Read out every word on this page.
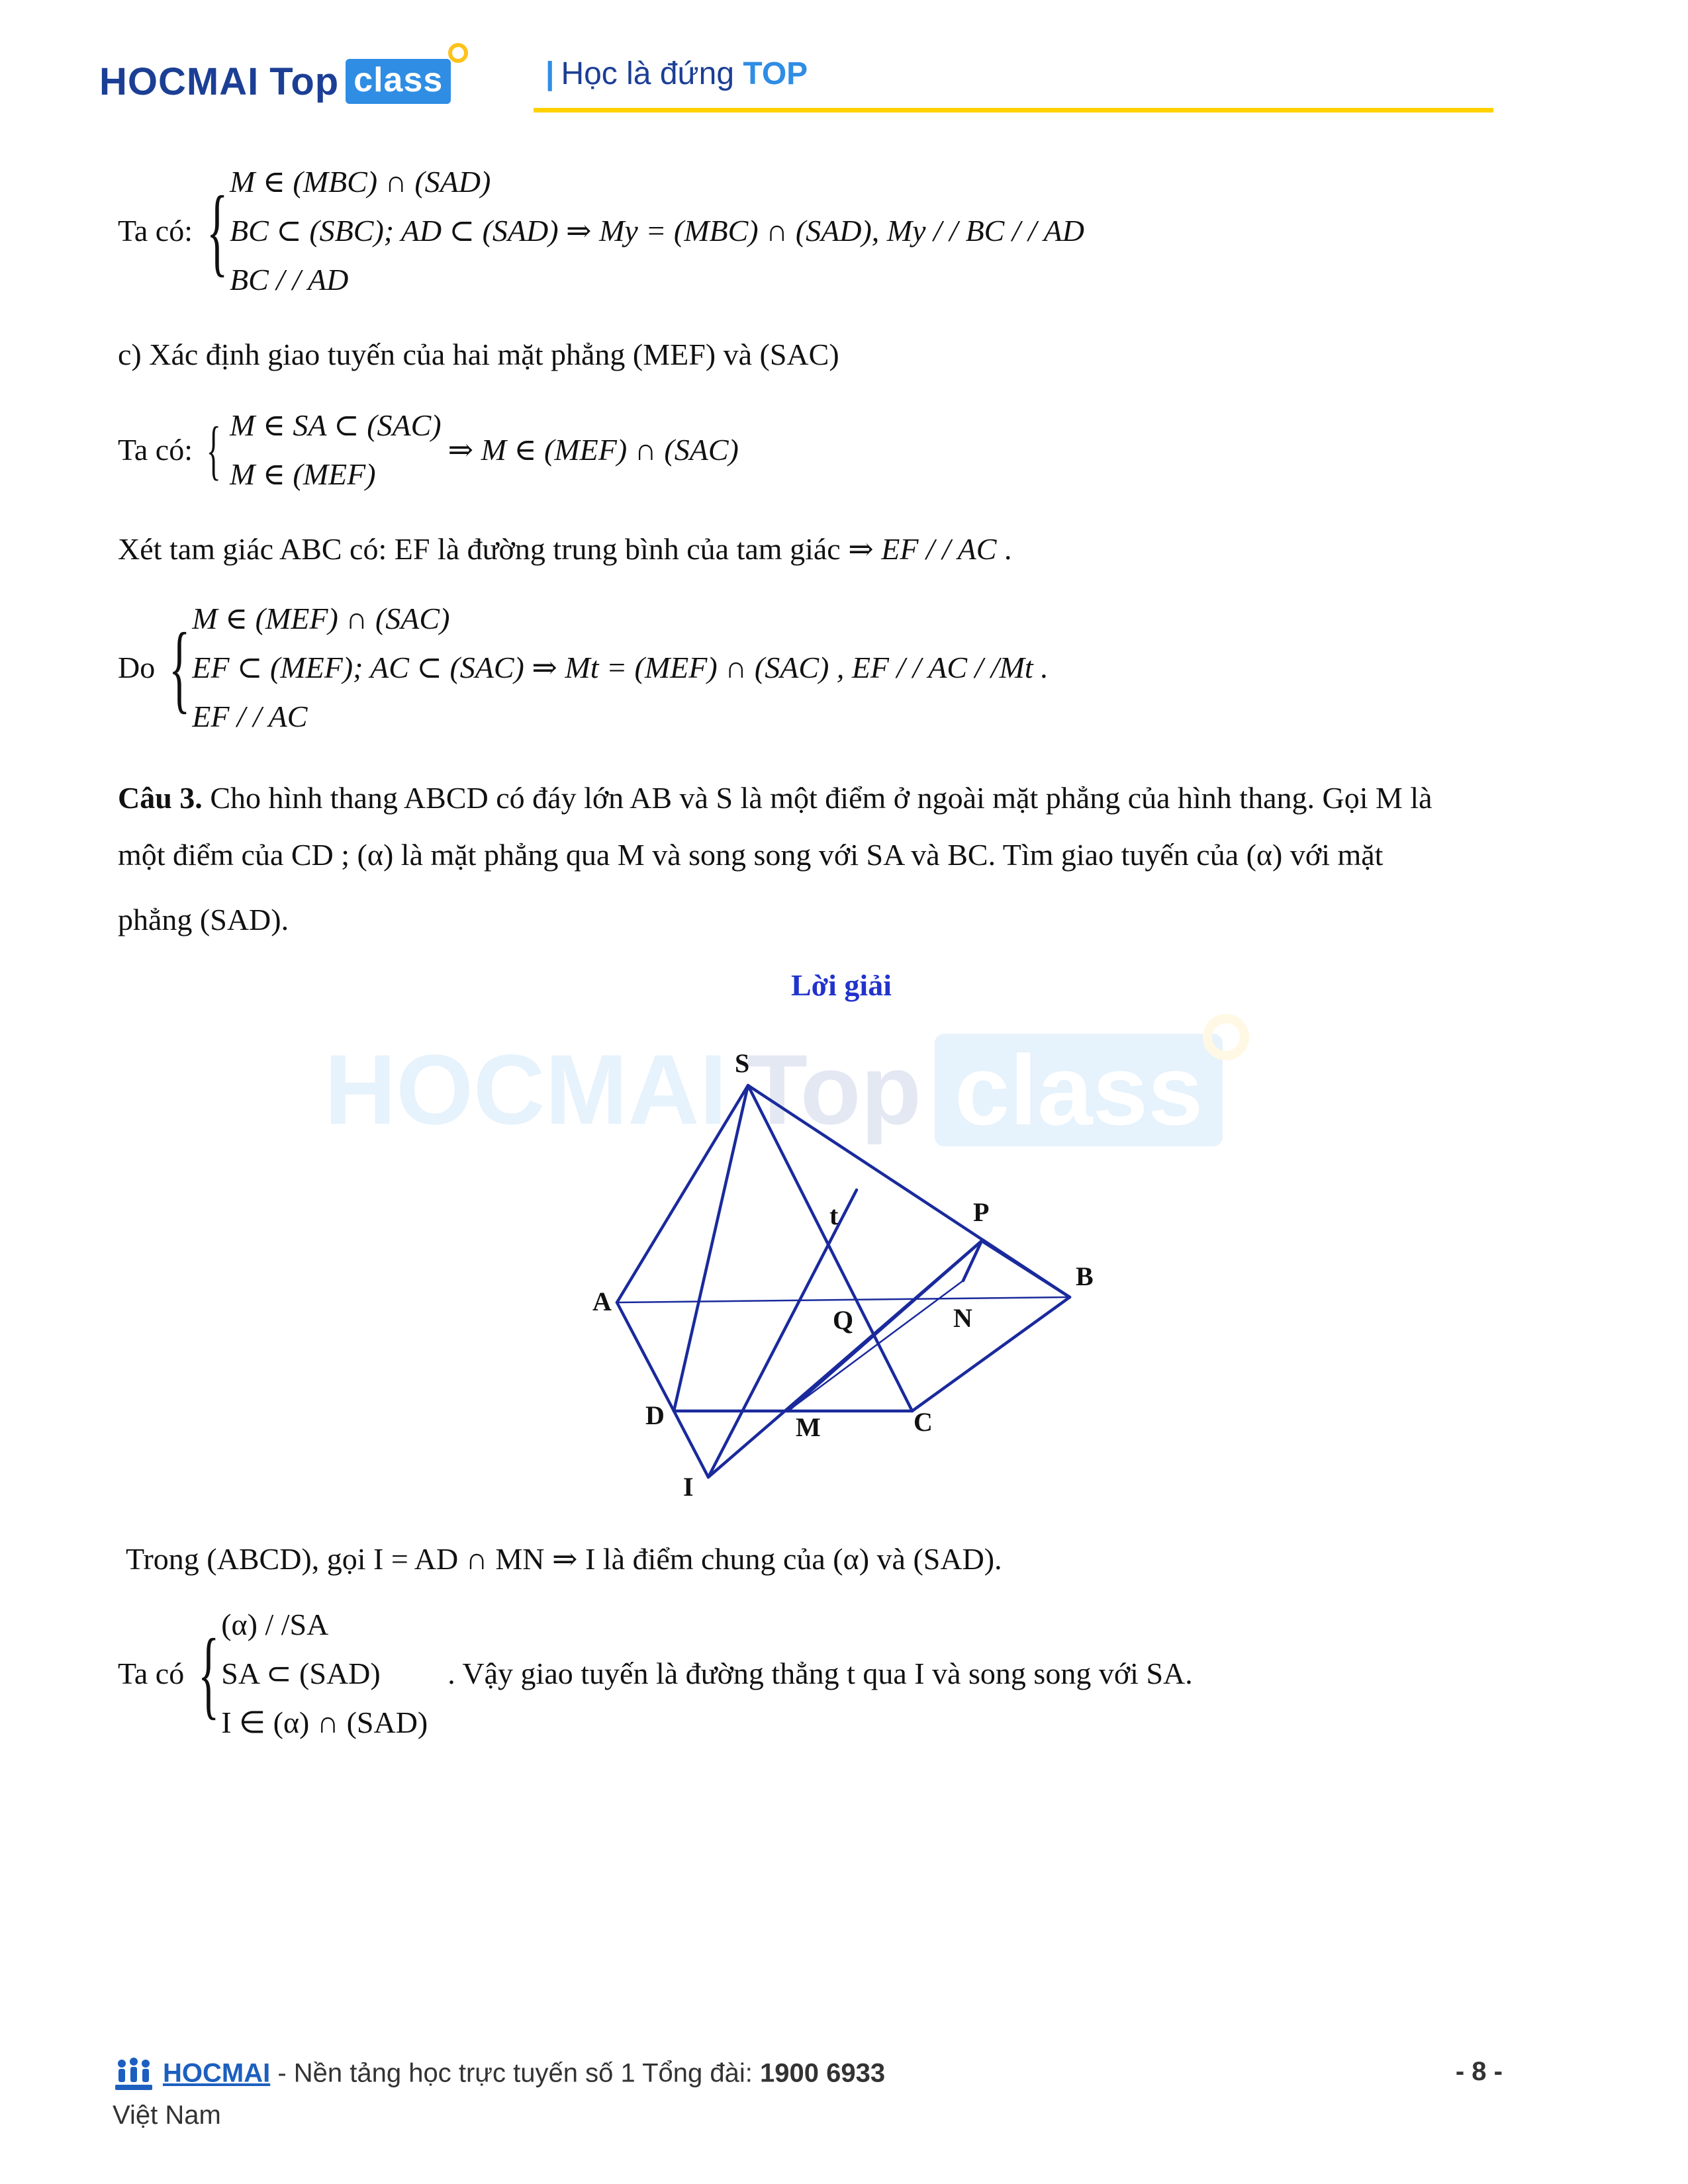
HOCMAI Top class	| Học là đứng TOP
Ta có: { M ∈ (MBC) ∩ (SAD)
BC ⊂ (SBC); AD ⊂ (SAD) ⇒ My = (MBC) ∩ (SAD), My / / BC / / AD
BC / / AD
c) Xác định giao tuyến của hai mặt phẳng (MEF) và (SAC)
Ta có: { M ∈ SA ⊂ (SAC)
M ∈ (MEF)
⇒ M ∈ (MEF) ∩ (SAC)
Xét tam giác ABC có: EF là đường trung bình của tam giác ⇒ EF / / AC .
Do { M ∈ (MEF) ∩ (SAC)
EF ⊂ (MEF); AC ⊂ (SAC) ⇒ Mt = (MEF) ∩ (SAC) , EF / / AC / /Mt .
EF / / AC
Câu 3. Cho hình thang ABCD có đáy lớn AB và S là một điểm ở ngoài mặt phẳng của hình thang. Gọi M là
một điểm của CD ; (α) là mặt phẳng qua M và song song với SA và BC. Tìm giao tuyến của (α) với mặt
phẳng (SAD).
Lời giải
HOCMAI Top class
S
t	P
A
B
Q	N
D	M	C
I
Trong (ABCD), gọi I = AD ∩ MN ⇒ I là điểm chung của (α) và (SAD).
Ta có { (α) / /SA
SA ⊂ (SAD)
I ∈ (α) ∩ (SAD)
. Vậy giao tuyến là đường thẳng t qua I và song song với SA.
HOCMAI - Nền tảng học trực tuyến số 1 Tổng đài: 1900 6933
Việt Nam
- 8 -
